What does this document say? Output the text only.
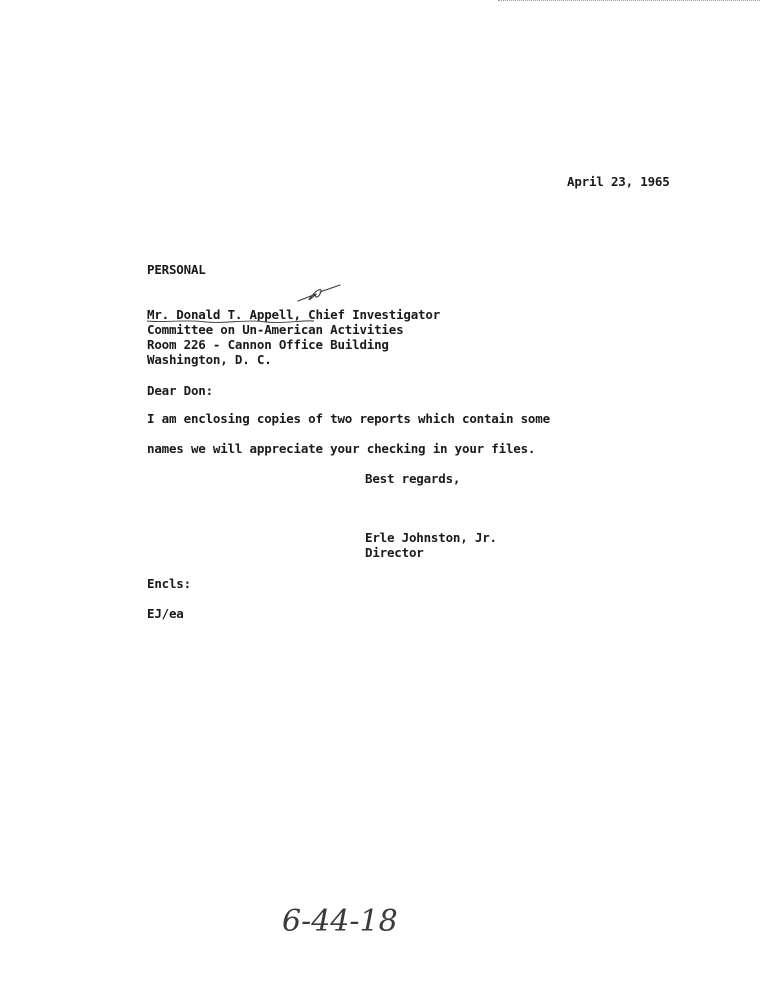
April 23, 1965
PERSONAL
Mr. Donald T. Appell, Chief Investigator
Committee on Un-American Activities
Room 226 - Cannon Office Building
Washington, D. C.
Dear Don:
I am enclosing copies of two reports which contain some
names we will appreciate your checking in your files.
Best regards,
Erle Johnston, Jr.
Director
Encls:
EJ/ea
6-44-18
